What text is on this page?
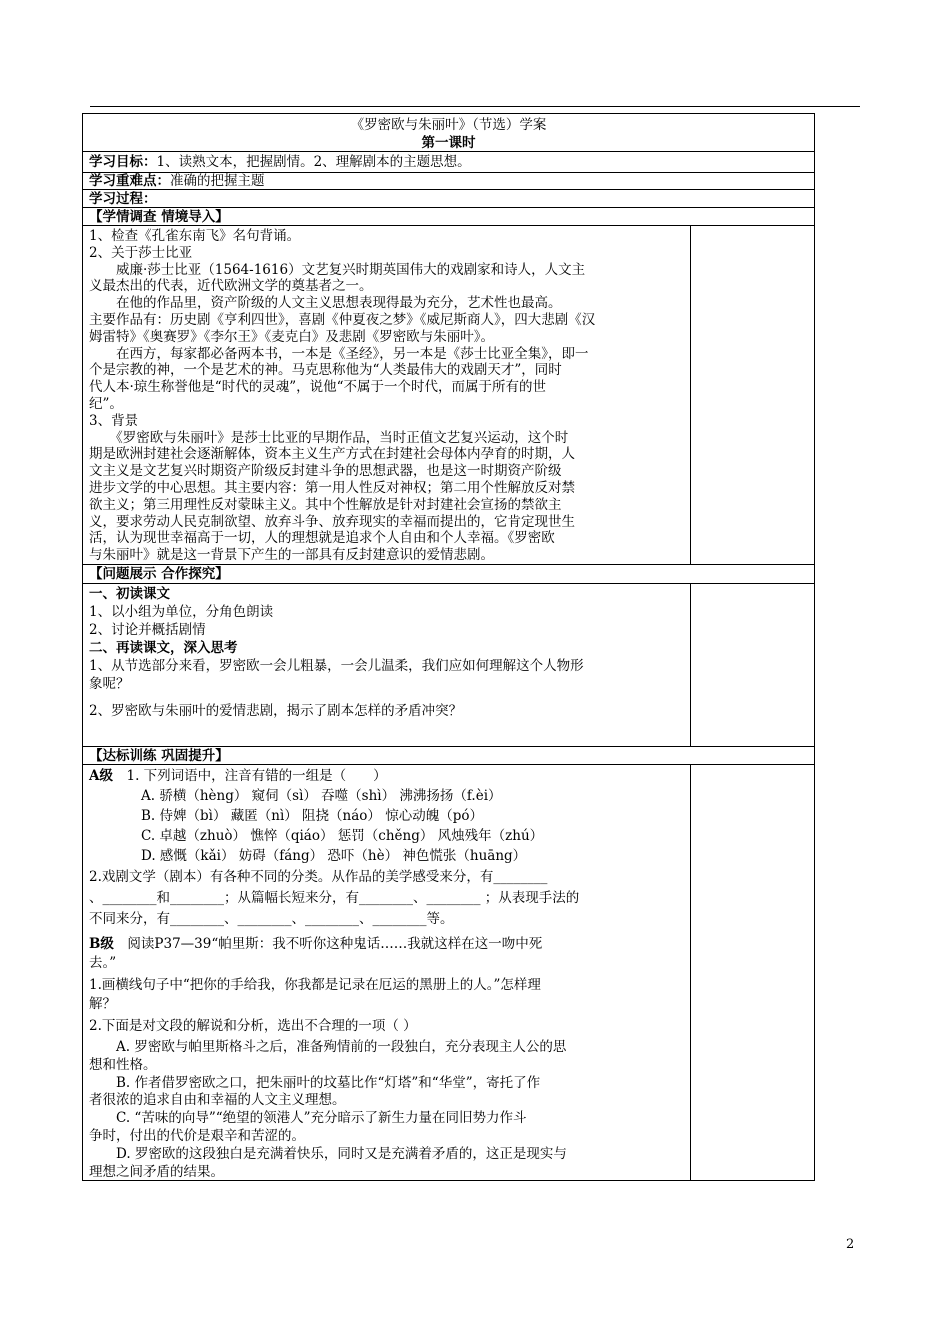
《罗密欧与朱丽叶》（节选）学案
第一课时
学习目标：1、读熟文本，把握剧情。2、理解剧本的主题思想。
学习重难点：准确的把握主题
学习过程：
【学情调查 情境导入】
1、检查《孔雀东南飞》名句背诵。
2、关于莎士比亚
　　威廉·莎士比亚（1564-1616）文艺复兴时期英国伟大的戏剧家和诗人，人文主
义最杰出的代表，近代欧洲文学的奠基者之一。
　　在他的作品里，资产阶级的人文主义思想表现得最为充分，艺术性也最高。
主要作品有：历史剧《亨利四世》，喜剧《仲夏夜之梦》《威尼斯商人》，四大悲剧《汉
姆雷特》《奥赛罗》《李尔王》《麦克白》及悲剧《罗密欧与朱丽叶》。
　　在西方，每家都必备两本书，一本是《圣经》，另一本是《莎士比亚全集》，即一
个是宗教的神，一个是艺术的神。马克思称他为“人类最伟大的戏剧天才”，同时
代人本·琼生称誉他是“时代的灵魂”，说他“不属于一个时代，而属于所有的世
纪”。
3、背景
　　《罗密欧与朱丽叶》是莎士比亚的早期作品，当时正值文艺复兴运动，这个时
期是欧洲封建社会逐渐解体，资本主义生产方式在封建社会母体内孕育的时期，人
文主义是文艺复兴时期资产阶级反封建斗争的思想武器，也是这一时期资产阶级
进步文学的中心思想。其主要内容：第一用人性反对神权；第二用个性解放反对禁
欲主义；第三用理性反对蒙昧主义。其中个性解放是针对封建社会宣扬的禁欲主
义，要求劳动人民克制欲望、放弃斗争、放弃现实的幸福而提出的，它肯定现世生
活，认为现世幸福高于一切，人的理想就是追求个人自由和个人幸福。《罗密欧
与朱丽叶》就是这一背景下产生的一部具有反封建意识的爱情悲剧。
【问题展示 合作探究】
一、初读课文
1、以小组为单位，分角色朗读
2、讨论并概括剧情
二、再读课文，深入思考
1、从节选部分来看，罗密欧一会儿粗暴，一会儿温柔，我们应如何理解这个人物形
象呢？
2、罗密欧与朱丽叶的爱情悲剧，揭示了剧本怎样的矛盾冲突？
【达标训练 巩固提升】
A级　 1. 下列词语中，注音有错的一组是（　　）
A. 骄横（hèng） 窥伺（sì） 吞噬（shì） 沸沸扬扬（f.èi）
B. 侍婢（bì） 藏匿（nì） 阻挠（náo） 惊心动魄（pó）
C. 卓越（zhuò） 憔悴（qiáo） 惩罚（chěng） 风烛残年（zhú）
D. 感慨（kǎi） 妨碍（fáng） 恐吓（hè） 神色慌张（huāng）
2.戏剧文学（剧本）有各种不同的分类。从作品的美学感受来分，有________
、________和________；从篇幅长短来分，有________、________ ；从表现手法的
不同来分，有________、________、________、________等。
B级　 阅读P37—39“帕里斯：我不听你这种鬼话……我就这样在这一吻中死
去。”
1.画横线句子中“把你的手给我，你我都是记录在厄运的黑册上的人。”怎样理
解？
2.下面是对文段的解说和分析，选出不合理的一项（ ）
　　A. 罗密欧与帕里斯格斗之后，准备殉情前的一段独白，充分表现主人公的思
想和性格。
　　B. 作者借罗密欧之口，把朱丽叶的坟墓比作“灯塔”和“华堂”，寄托了作
者很浓的追求自由和幸福的人文主义理想。
　　C. “苦味的向导”“绝望的领港人”充分暗示了新生力量在同旧势力作斗
争时，付出的代价是艰辛和苦涩的。
　　D. 罗密欧的这段独白是充满着快乐，同时又是充满着矛盾的，这正是现实与
理想之间矛盾的结果。
2
